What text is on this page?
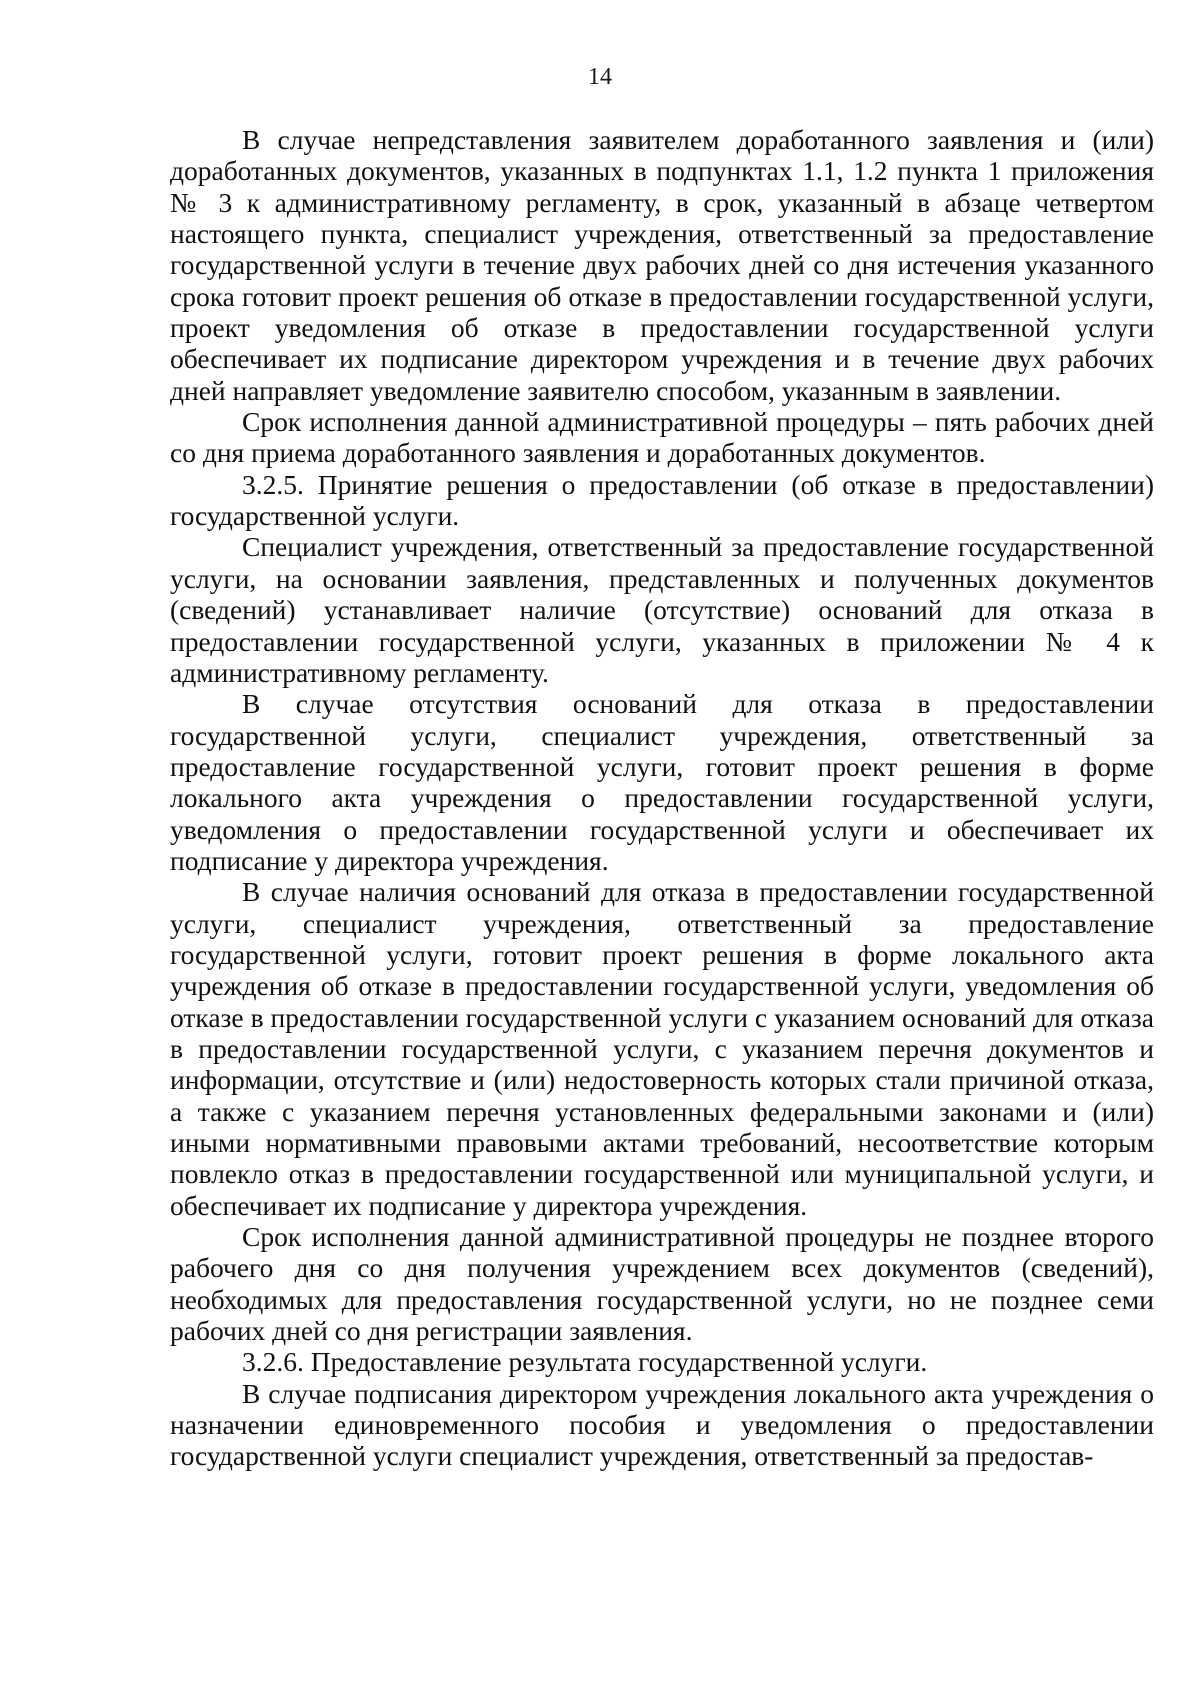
14

В случае непредставления заявителем доработанного заявления и (или) доработанных документов, указанных в подпунктах 1.1, 1.2 пункта 1 приложения № 3 к административному регламенту, в срок, указанный в абзаце четвертом настоящего пункта, специалист учреждения, ответственный за предоставление государственной услуги в течение двух рабочих дней со дня истечения указанного срока готовит проект решения об отказе в предоставлении государственной услуги, проект уведомления об отказе в предоставлении государственной услуги обеспечивает их подписание директором учреждения и в течение двух рабочих дней направляет уведомление заявителю способом, указанным в заявлении.

Срок исполнения данной административной процедуры – пять рабочих дней со дня приема доработанного заявления и доработанных документов.

3.2.5. Принятие решения о предоставлении (об отказе в предоставлении) государственной услуги.

Специалист учреждения, ответственный за предоставление государственной услуги, на основании заявления, представленных и полученных документов (сведений) устанавливает наличие (отсутствие) оснований для отказа в предоставлении государственной услуги, указанных в приложении № 4 к административному регламенту.

В случае отсутствия оснований для отказа в предоставлении государственной услуги, специалист учреждения, ответственный за предоставление государственной услуги, готовит проект решения в форме локального акта учреждения о предоставлении государственной услуги, уведомления о предоставлении государственной услуги и обеспечивает их подписание у директора учреждения.

В случае наличия оснований для отказа в предоставлении государственной услуги, специалист учреждения, ответственный за предоставление государственной услуги, готовит проект решения в форме локального акта учреждения об отказе в предоставлении государственной услуги, уведомления об отказе в предоставлении государственной услуги с указанием оснований для отказа в предоставлении государственной услуги, с указанием перечня документов и информации, отсутствие и (или) недостоверность которых стали причиной отказа, а также с указанием перечня установленных федеральными законами и (или) иными нормативными правовыми актами требований, несоответствие которым повлекло отказ в предоставлении государственной или муниципальной услуги, и обеспечивает их подписание у директора учреждения.

Срок исполнения данной административной процедуры не позднее второго рабочего дня со дня получения учреждением всех документов (сведений), необходимых для предоставления государственной услуги, но не позднее семи рабочих дней со дня регистрации заявления.

3.2.6. Предоставление результата государственной услуги.

В случае подписания директором учреждения локального акта учреждения о назначении единовременного пособия и уведомления о предоставлении государственной услуги специалист учреждения, ответственный за предостав-
